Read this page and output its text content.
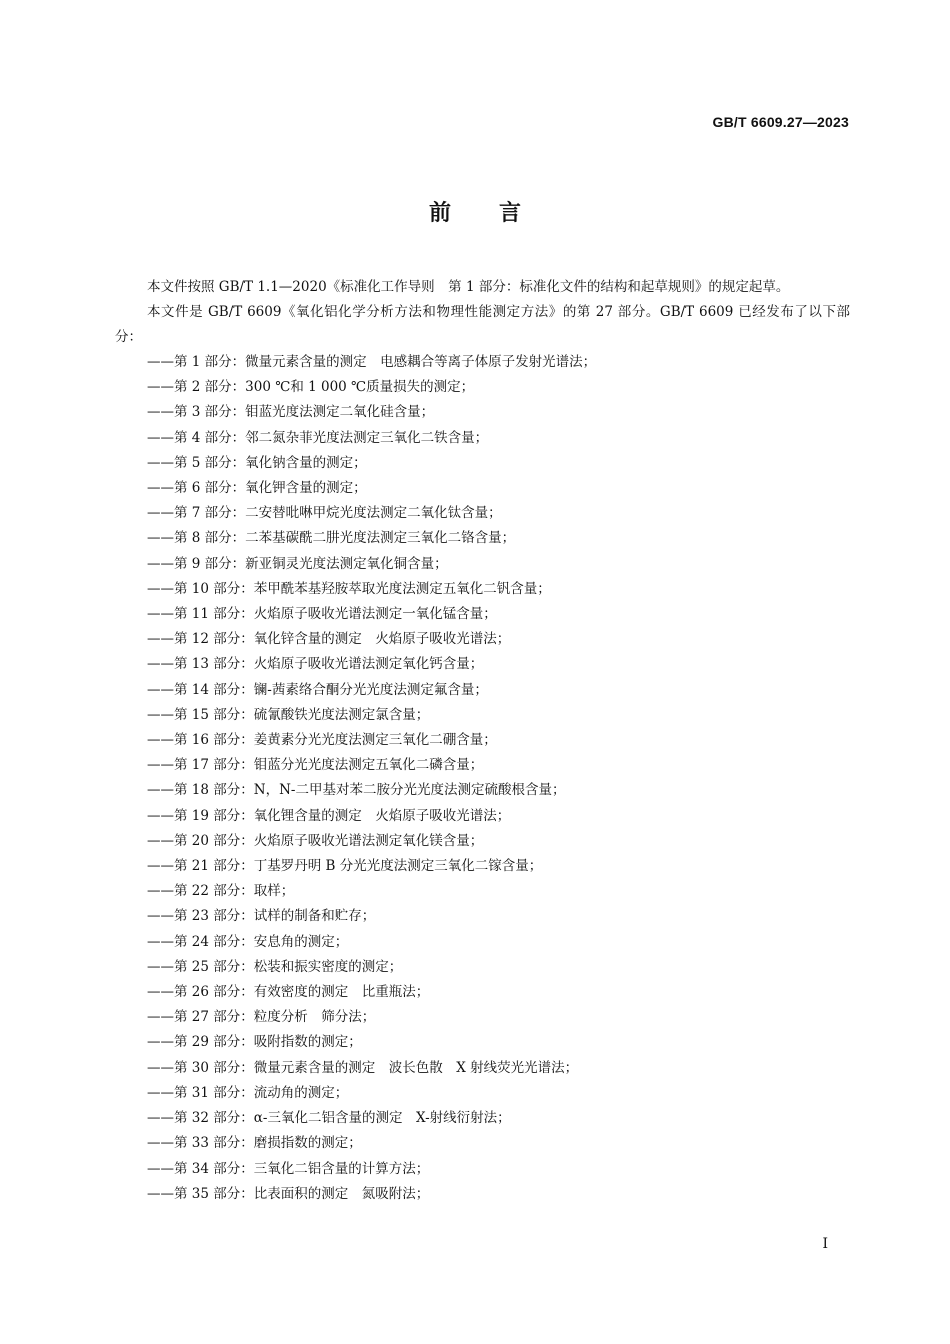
GB/T 6609.27—2023
前言

本文件按照 GB/T 1.1—2020《标准化工作导则　第 1 部分：标准化文件的结构和起草规则》的规定起草。

本文件是 GB/T 6609《氧化铝化学分析方法和物理性能测定方法》的第 27 部分。GB/T 6609 已经发布了以下部分：

——第 1 部分：微量元素含量的测定　电感耦合等离子体原子发射光谱法；
——第 2 部分：300 ℃和 1 000 ℃质量损失的测定；
——第 3 部分：钼蓝光度法测定二氧化硅含量；
——第 4 部分：邻二氮杂菲光度法测定三氧化二铁含量；
——第 5 部分：氧化钠含量的测定；
——第 6 部分：氧化钾含量的测定；
——第 7 部分：二安替吡啉甲烷光度法测定二氧化钛含量；
——第 8 部分：二苯基碳酰二肼光度法测定三氧化二铬含量；
——第 9 部分：新亚铜灵光度法测定氧化铜含量；
——第 10 部分：苯甲酰苯基羟胺萃取光度法测定五氧化二钒含量；
——第 11 部分：火焰原子吸收光谱法测定一氧化锰含量；
——第 12 部分：氧化锌含量的测定　火焰原子吸收光谱法；
——第 13 部分：火焰原子吸收光谱法测定氧化钙含量；
——第 14 部分：镧-茜素络合酮分光光度法测定氟含量；
——第 15 部分：硫氰酸铁光度法测定氯含量；
——第 16 部分：姜黄素分光光度法测定三氧化二硼含量；
——第 17 部分：钼蓝分光光度法测定五氧化二磷含量；
——第 18 部分：N，N-二甲基对苯二胺分光光度法测定硫酸根含量；
——第 19 部分：氧化锂含量的测定　火焰原子吸收光谱法；
——第 20 部分：火焰原子吸收光谱法测定氧化镁含量；
——第 21 部分：丁基罗丹明 B 分光光度法测定三氧化二镓含量；
——第 22 部分：取样；
——第 23 部分：试样的制备和贮存；
——第 24 部分：安息角的测定；
——第 25 部分：松装和振实密度的测定；
——第 26 部分：有效密度的测定　比重瓶法；
——第 27 部分：粒度分析　筛分法；
——第 29 部分：吸附指数的测定；
——第 30 部分：微量元素含量的测定　波长色散　X 射线荧光光谱法；
——第 31 部分：流动角的测定；
——第 32 部分：α-三氧化二铝含量的测定　X-射线衍射法；
——第 33 部分：磨损指数的测定；
——第 34 部分：三氧化二铝含量的计算方法；
——第 35 部分：比表面积的测定　氮吸附法；
I
